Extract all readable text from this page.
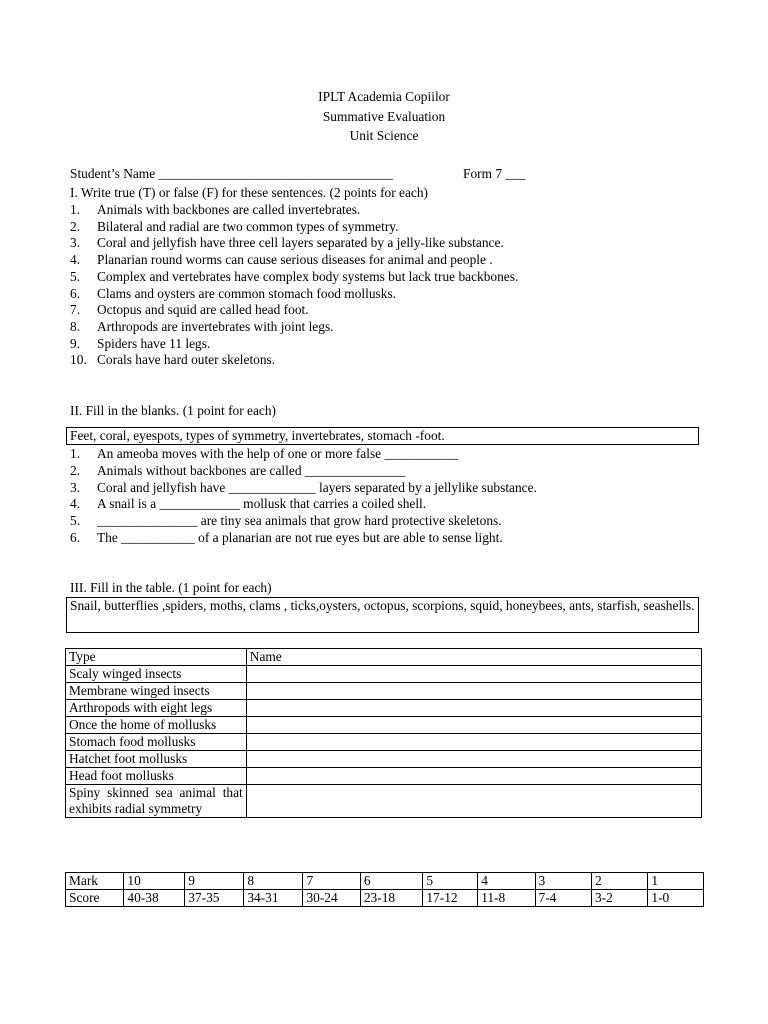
IPLT Academia Copiilor
Summative Evaluation
Unit Science
Student’s Name ___________________________________	Form 7 ___
I. Write true (T) or false (F) for these sentences. (2 points for each)
1. Animals with backbones are called invertebrates.
2. Bilateral and radial are two common types of symmetry.
3. Coral and jellyfish have three cell layers separated by a jelly-like substance.
4. Planarian round worms can cause serious diseases for animal and people .
5. Complex and vertebrates have complex body systems but lack true backbones.
6. Clams and oysters are common stomach food mollusks.
7. Octopus and squid are called head foot.
8. Arthropods are invertebrates with joint legs.
9. Spiders have 11 legs.
10. Corals have hard outer skeletons.
II. Fill in the blanks. (1 point for each)
Feet, coral, eyespots, types of symmetry, invertebrates, stomach -foot.
1. An ameoba moves with the help of one or more false ___________
2. Animals without backbones are called _______________
3. Coral and jellyfish have _____________ layers separated by a jellylike substance.
4. A snail is a ____________ mollusk that carries a coiled shell.
5. _______________ are tiny sea animals that grow hard protective skeletons.
6. The ___________ of a planarian are not rue eyes but are able to sense light.
III. Fill in the table. (1 point for each)
Snail, butterflies ,spiders, moths, clams , ticks,oysters, octopus, scorpions, squid, honeybees, ants, starfish, seashells.
Type	Name
Scaly winged insects	
Membrane winged insects	
Arthropods with eight legs	
Once the home of mollusks	
Stomach food mollusks	
Hatchet foot mollusks	
Head foot mollusks	
Spiny skinned sea animal that exhibits radial symmetry	
Mark	10	9	8	7	6	5	4	3	2	1
Score	40-38	37-35	34-31	30-24	23-18	17-12	11-8	7-4	3-2	1-0
